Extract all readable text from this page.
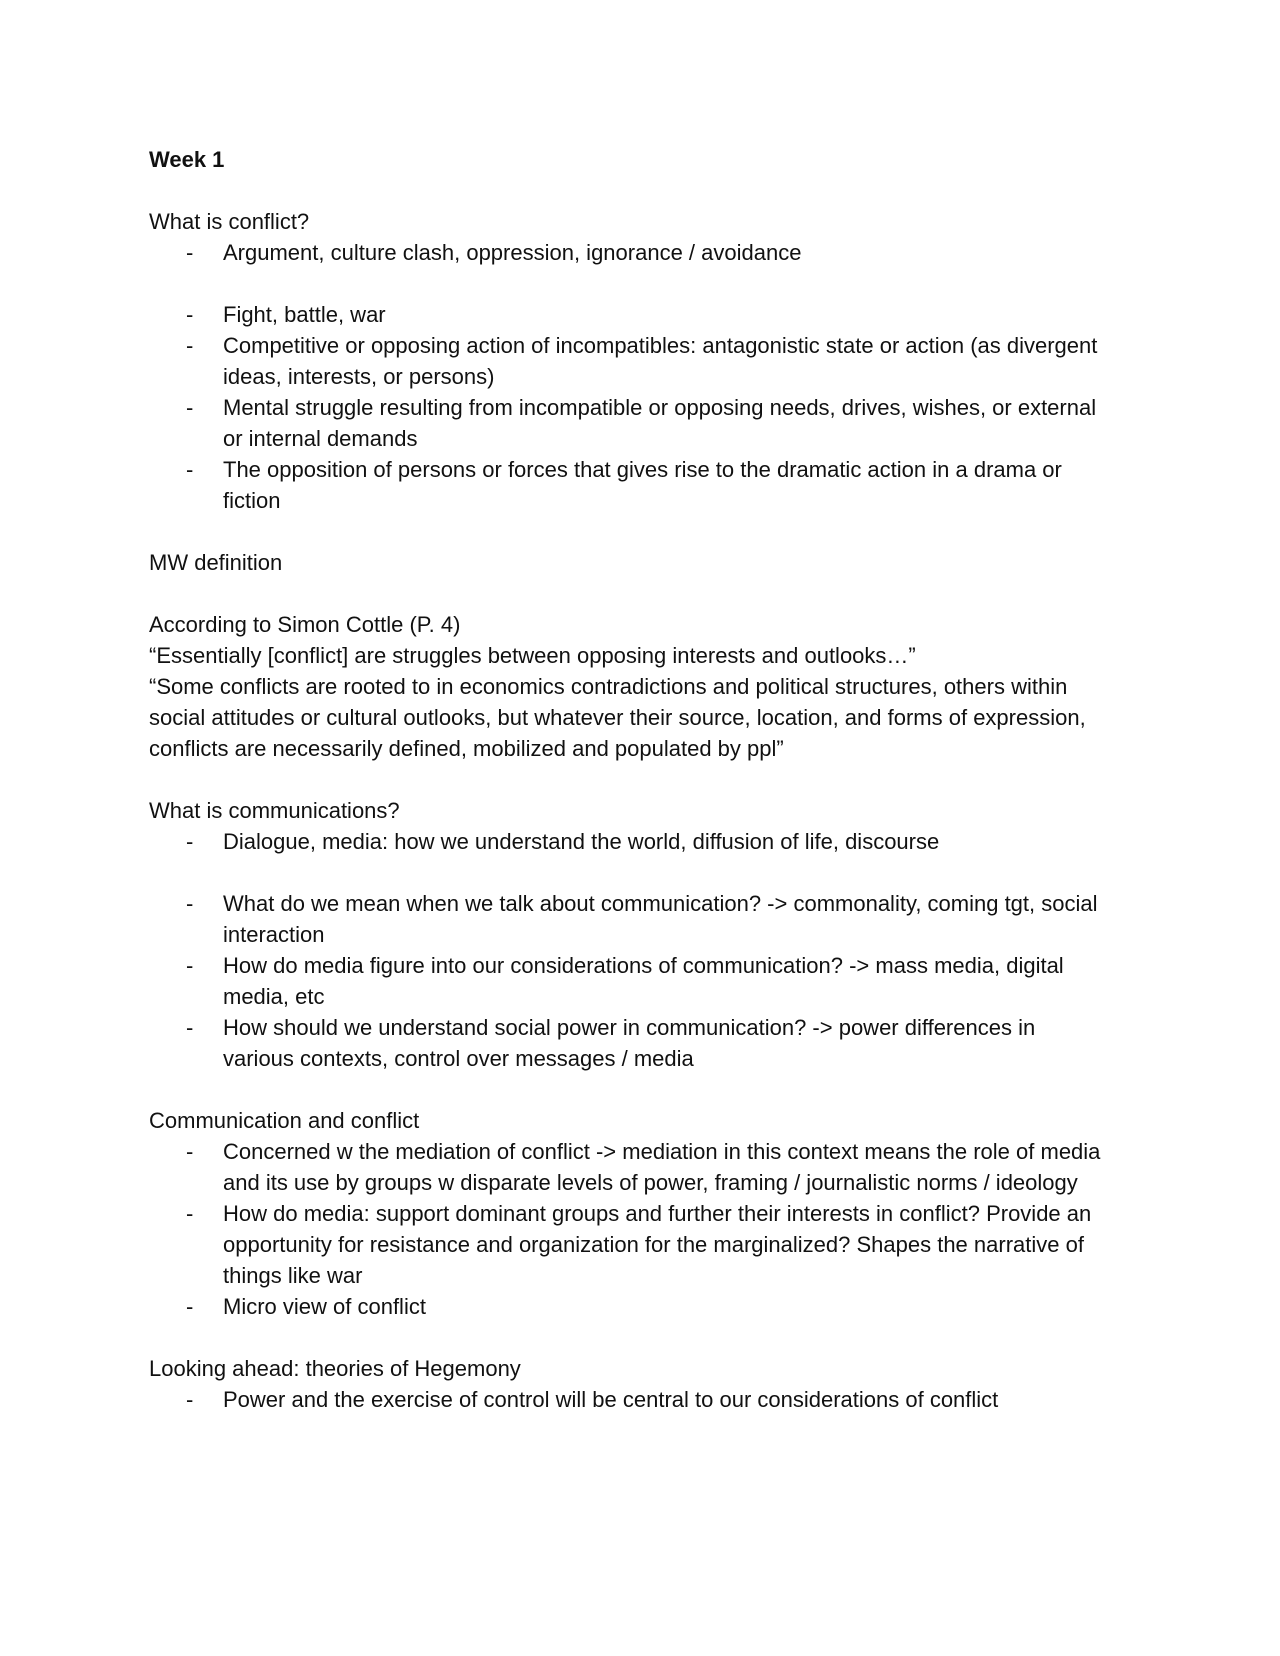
Week 1

What is conflict?

- Argument, culture clash, oppression, ignorance / avoidance
- Fight, battle, war
- Competitive or opposing action of incompatibles: antagonistic state or action (as divergent ideas, interests, or persons)
- Mental struggle resulting from incompatible or opposing needs, drives, wishes, or external or internal demands
- The opposition of persons or forces that gives rise to the dramatic action in a drama or fiction

MW definition

According to Simon Cottle (P. 4)

“Essentially [conflict] are struggles between opposing interests and outlooks…”

“Some conflicts are rooted to in economics contradictions and political structures, others within social attitudes or cultural outlooks, but whatever their source, location, and forms of expression, conflicts are necessarily defined, mobilized and populated by ppl”

What is communications?

- Dialogue, media: how we understand the world, diffusion of life, discourse
- What do we mean when we talk about communication? -> commonality, coming tgt, social interaction
- How do media figure into our considerations of communication? -> mass media, digital media, etc
- How should we understand social power in communication? -> power differences in various contexts, control over messages / media

Communication and conflict

- Concerned w the mediation of conflict -> mediation in this context means the role of media and its use by groups w disparate levels of power, framing / journalistic norms / ideology
- How do media: support dominant groups and further their interests in conflict? Provide an opportunity for resistance and organization for the marginalized? Shapes the narrative of things like war
- Micro view of conflict

Looking ahead: theories of Hegemony

- Power and the exercise of control will be central to our considerations of conflict
